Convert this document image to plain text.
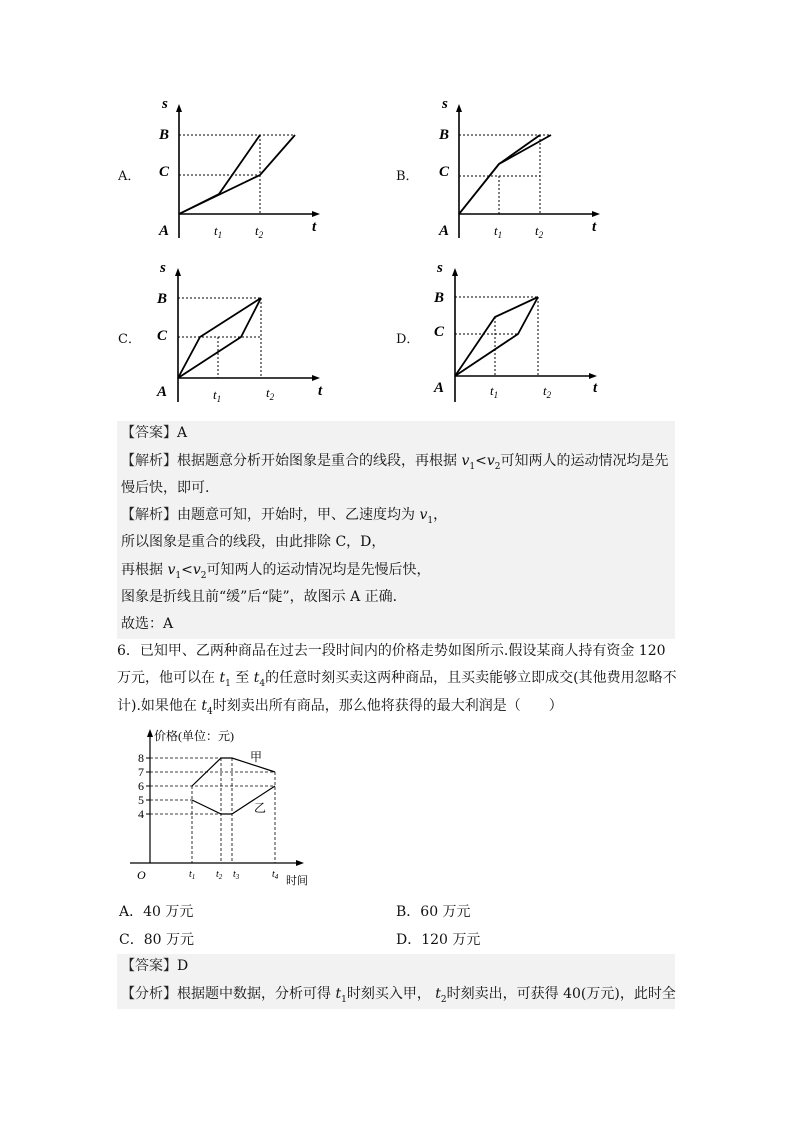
A．
s
B
C
A	$t_1$	$t_2$	t
B．
s
B
C
A	$t_1$	$t_2$	t
C．
s
B
C
A	$t_1$	$t_2$	t
D．
s
B
C
A	$t_1$	$t_2$	t
【答案】A
【解析】根据题意分析开始图象是重合的线段，再根据 $v_1<v_2$可知两人的运动情况均是先
慢后快，即可.
【解析】由题意可知，开始时，甲、乙速度均为 $v_1$，
所以图象是重合的线段，由此排除 C，D，
再根据 $v_1<v_2$可知两人的运动情况均是先慢后快，
图象是折线且前“缓”后“陡”，故图示 A 正确．
故选：A
6．已知甲、乙两种商品在过去一段时间内的价格走势如图所示.假设某商人持有资金 120
万元，他可以在 $t_1$ 至 $t_4$的任意时刻买卖这两种商品，且买卖能够立即成交(其他费用忽略不
计).如果他在 $t_4$时刻卖出所有商品，那么他将获得的最大利润是（　　）
价格(单位：元)
时间
O
4
5
6
7
8	甲
乙
$t_1$ $t_2$ $t_3$	$t_4$
A．40 万元	B．60 万元
C．80 万元	D．120 万元
【答案】D
【分析】根据题中数据，分析可得 $t_1$时刻买入甲， $t_2$时刻卖出，可获得 40(万元)，此时全
